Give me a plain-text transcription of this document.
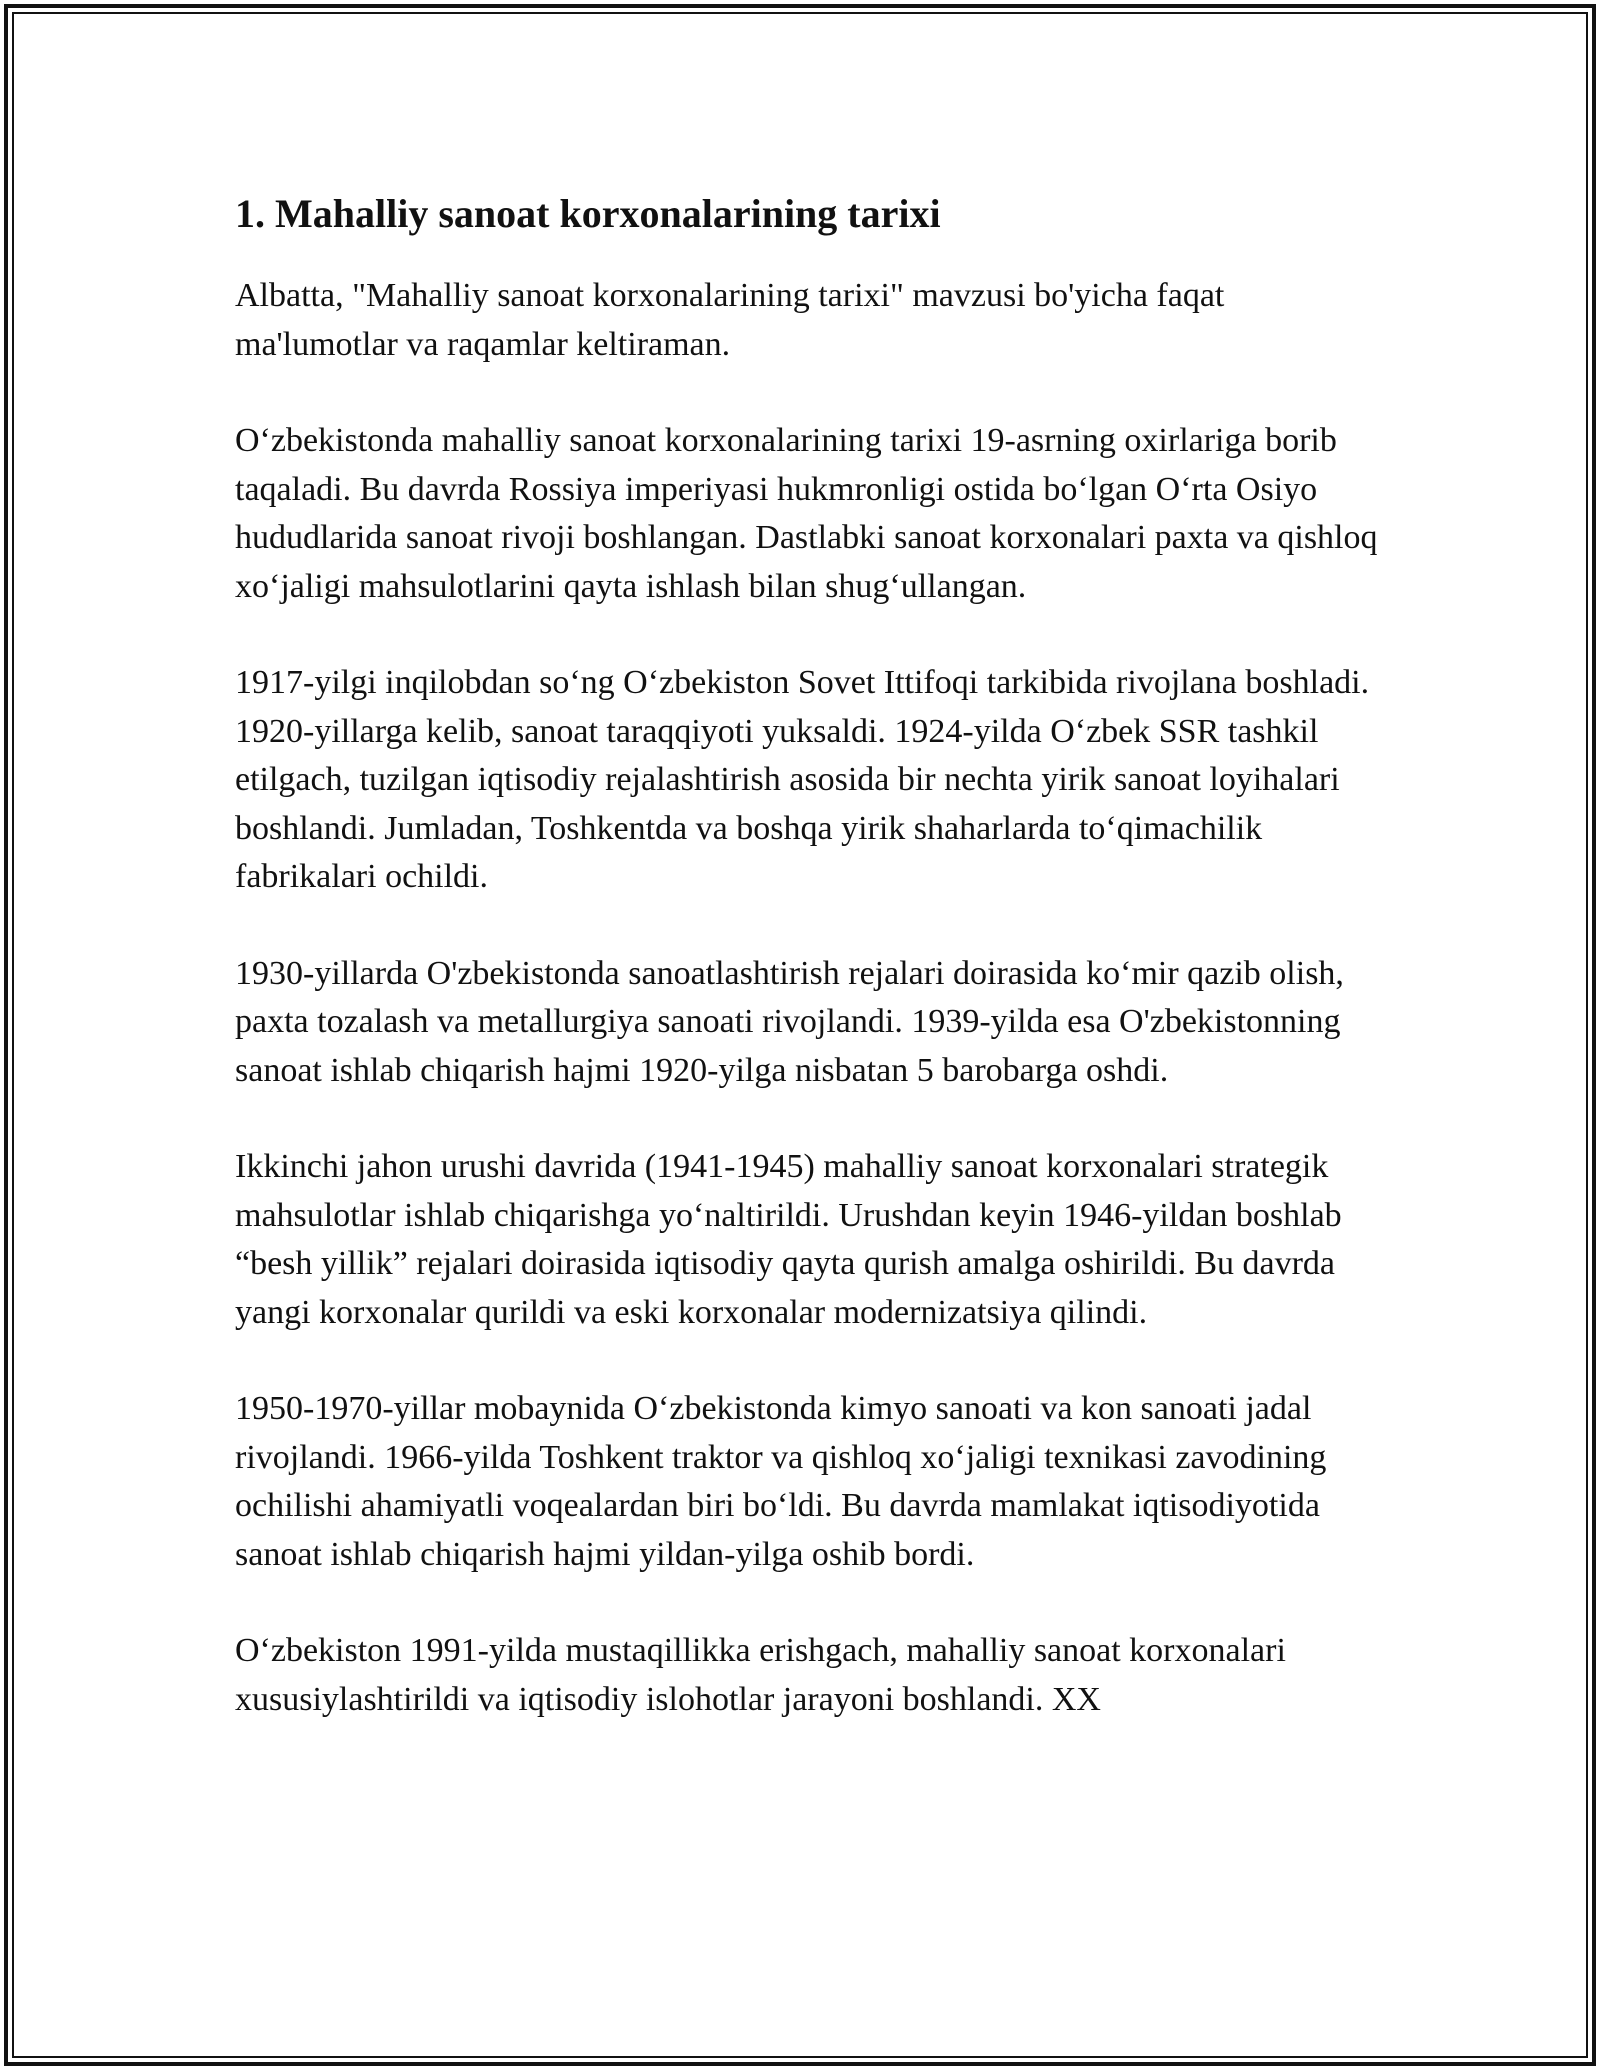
1. Mahalliy sanoat korxonalarining tarixi

Albatta, "Mahalliy sanoat korxonalarining tarixi" mavzusi bo'yicha faqat ma'lumotlar va raqamlar keltiraman.

O‘zbekistonda mahalliy sanoat korxonalarining tarixi 19-asrning oxirlariga borib taqaladi. Bu davrda Rossiya imperiyasi hukmronligi ostida bo‘lgan O‘rta Osiyo hududlarida sanoat rivoji boshlangan. Dastlabki sanoat korxonalari paxta va qishloq xo‘jaligi mahsulotlarini qayta ishlash bilan shug‘ullangan.

1917-yilgi inqilobdan so‘ng O‘zbekiston Sovet Ittifoqi tarkibida rivojlana boshladi. 1920-yillarga kelib, sanoat taraqqiyoti yuksaldi. 1924-yilda O‘zbek SSR tashkil etilgach, tuzilgan iqtisodiy rejalashtirish asosida bir nechta yirik sanoat loyihalari boshlandi. Jumladan, Toshkentda va boshqa yirik shaharlarda to‘qimachilik fabrikalari ochildi.

1930-yillarda O'zbekistonda sanoatlashtirish rejalari doirasida ko‘mir qazib olish, paxta tozalash va metallurgiya sanoati rivojlandi. 1939-yilda esa O'zbekistonning sanoat ishlab chiqarish hajmi 1920-yilga nisbatan 5 barobarga oshdi.

Ikkinchi jahon urushi davrida (1941-1945) mahalliy sanoat korxonalari strategik mahsulotlar ishlab chiqarishga yo‘naltirildi. Urushdan keyin 1946-yildan boshlab “besh yillik” rejalari doirasida iqtisodiy qayta qurish amalga oshirildi. Bu davrda yangi korxonalar qurildi va eski korxonalar modernizatsiya qilindi.

1950-1970-yillar mobaynida O‘zbekistonda kimyo sanoati va kon sanoati jadal rivojlandi. 1966-yilda Toshkent traktor va qishloq xo‘jaligi texnikasi zavodining ochilishi ahamiyatli voqealardan biri bo‘ldi. Bu davrda mamlakat iqtisodiyotida sanoat ishlab chiqarish hajmi yildan-yilga oshib bordi.

O‘zbekiston 1991-yilda mustaqillikka erishgach, mahalliy sanoat korxonalari xususiylashtirildi va iqtisodiy islohotlar jarayoni boshlandi. XX
